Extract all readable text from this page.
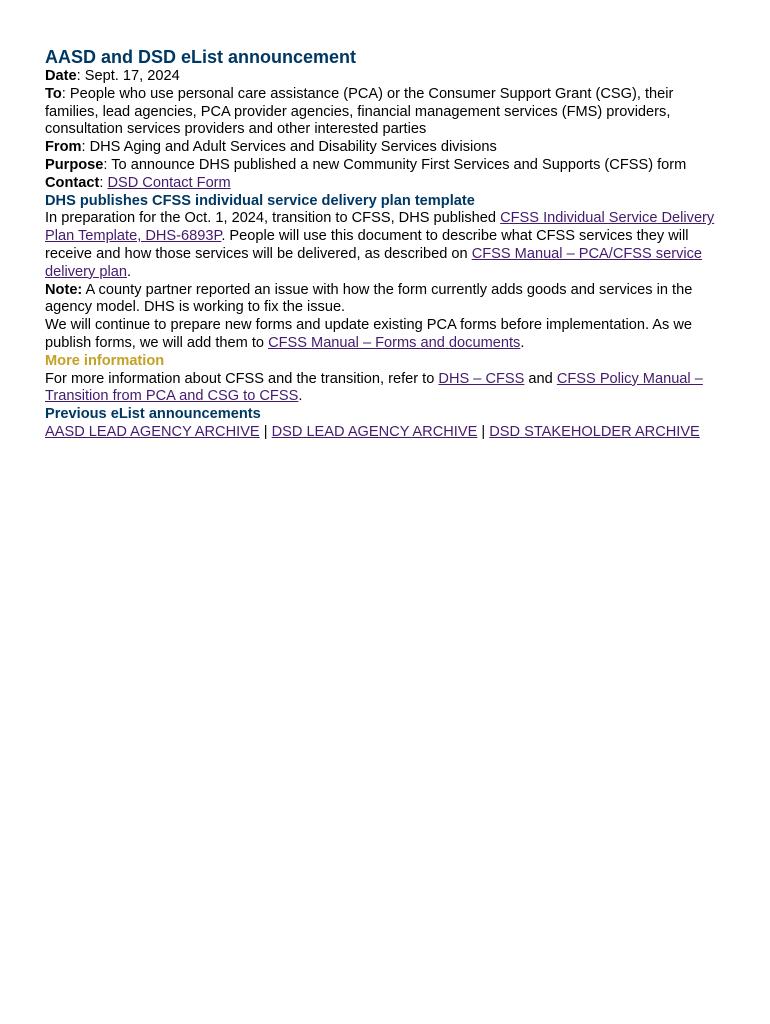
AASD and DSD eList announcement

Date: Sept. 17, 2024

To: People who use personal care assistance (PCA) or the Consumer Support Grant (CSG), their families, lead agencies, PCA provider agencies, financial management services (FMS) providers, consultation services providers and other interested parties

From: DHS Aging and Adult Services and Disability Services divisions

Purpose: To announce DHS published a new Community First Services and Supports (CFSS) form

Contact: DSD Contact Form

DHS publishes CFSS individual service delivery plan template

In preparation for the Oct. 1, 2024, transition to CFSS, DHS published CFSS Individual Service Delivery Plan Template, DHS-6893P. People will use this document to describe what CFSS services they will receive and how those services will be delivered, as described on CFSS Manual – PCA/CFSS service delivery plan.

Note: A county partner reported an issue with how the form currently adds goods and services in the agency model. DHS is working to fix the issue.

We will continue to prepare new forms and update existing PCA forms before implementation. As we publish forms, we will add them to CFSS Manual – Forms and documents.

More information

For more information about CFSS and the transition, refer to DHS – CFSS and CFSS Policy Manual – Transition from PCA and CSG to CFSS.

Previous eList announcements

AASD LEAD AGENCY ARCHIVE | DSD LEAD AGENCY ARCHIVE | DSD STAKEHOLDER ARCHIVE
